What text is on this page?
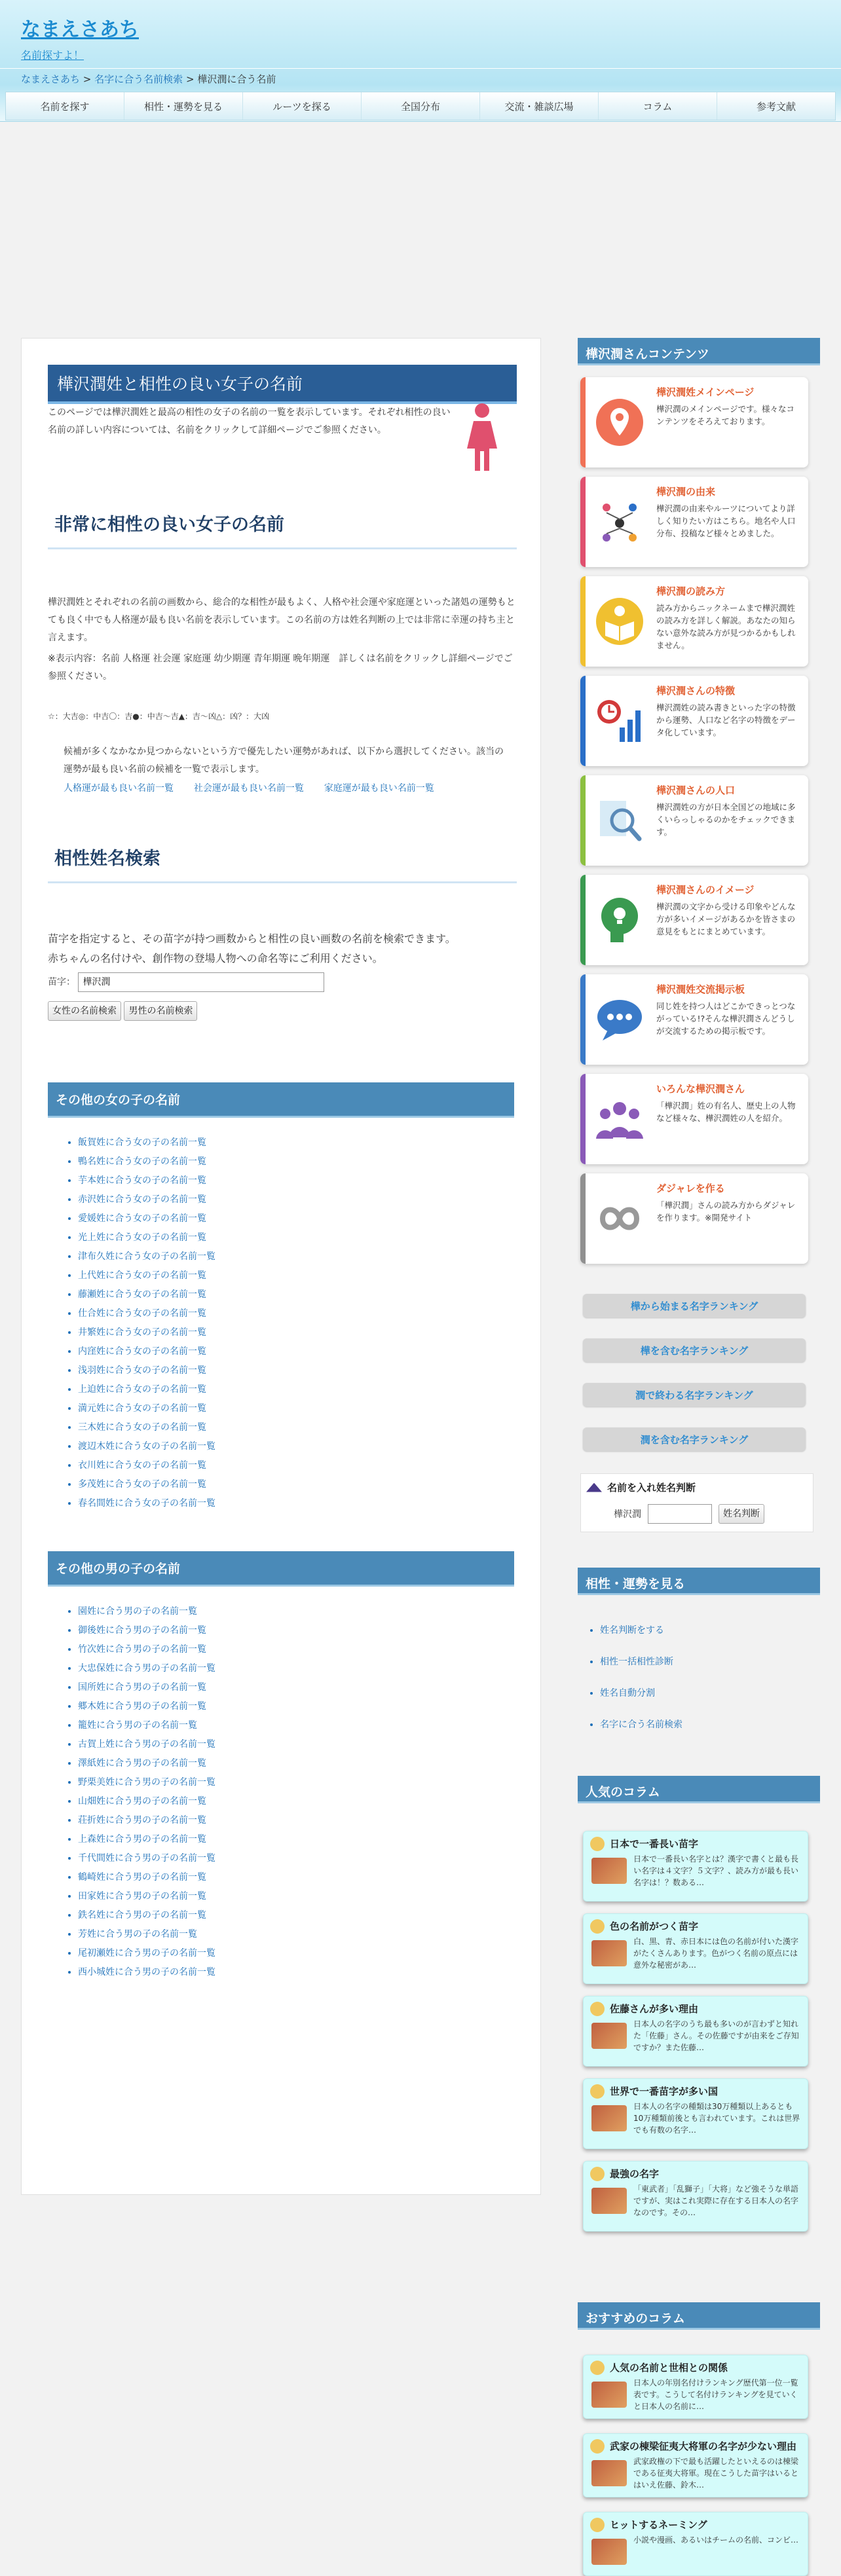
なまえさあち
名前探すよ！
なまえさあち > 名字に合う名前検索 > 樺沢潤に合う名前
名前を探す	相性・運勢を見る	ルーツを探る	全国分布	交流・雑談広場	コラム	参考文献
樺沢潤姓と相性の良い女子の名前
このページでは樺沢潤姓と最高の相性の女子の名前の一覧を表示しています。それぞれ相性の良い名前の詳しい内容については、名前をクリックして詳細ページでご参照ください。
非常に相性の良い女子の名前
樺沢潤姓とそれぞれの名前の画数から、総合的な相性が最もよく、人格や社会運や家庭運といった諸処の運勢もとても良く中でも人格運が最も良い名前を表示しています。この名前の方は姓名判断の上では非常に幸運の持ち主と言えます。
※表示内容：名前 人格運 社会運 家庭運 幼少期運 青年期運 晩年期運　詳しくは名前をクリックし詳細ページでご参照ください。
☆：大吉◎：中吉〇：吉●：中吉〜吉▲：吉〜凶△：凶？：大凶
候補が多くなかなか見つからないという方で優先したい運勢があれば、以下から選択してください。該当の運勢が最も良い名前の候補を一覧で表示します。
人格運が最も良い名前一覧 社会運が最も良い名前一覧 家庭運が最も良い名前一覧
相性姓名検索
苗字を指定すると、その苗字が持つ画数からと相性の良い画数の名前を検索できます。
赤ちゃんの名付けや、創作物の登場人物への命名等にご利用ください。
苗字： 樺沢潤
女性の名前検索 男性の名前検索
その他の女の子の名前
• 飯賀姓に合う女の子の名前一覧
• 鴨名姓に合う女の子の名前一覧
• 芋本姓に合う女の子の名前一覧
• 赤沢姓に合う女の子の名前一覧
• 愛媛姓に合う女の子の名前一覧
• 光上姓に合う女の子の名前一覧
• 津布久姓に合う女の子の名前一覧
• 上代姓に合う女の子の名前一覧
• 藤瀬姓に合う女の子の名前一覧
• 仕合姓に合う女の子の名前一覧
• 井繁姓に合う女の子の名前一覧
• 内窪姓に合う女の子の名前一覧
• 浅羽姓に合う女の子の名前一覧
• 上迫姓に合う女の子の名前一覧
• 満元姓に合う女の子の名前一覧
• 三木姓に合う女の子の名前一覧
• 渡辺木姓に合う女の子の名前一覧
• 衣川姓に合う女の子の名前一覧
• 多茂姓に合う女の子の名前一覧
• 春名間姓に合う女の子の名前一覧
その他の男の子の名前
• 園姓に合う男の子の名前一覧
• 御後姓に合う男の子の名前一覧
• 竹次姓に合う男の子の名前一覧
• 大忠保姓に合う男の子の名前一覧
• 国所姓に合う男の子の名前一覧
• 郷木姓に合う男の子の名前一覧
• 籠姓に合う男の子の名前一覧
• 古賀上姓に合う男の子の名前一覧
• 澤紙姓に合う男の子の名前一覧
• 野栗美姓に合う男の子の名前一覧
• 山畑姓に合う男の子の名前一覧
• 荘折姓に合う男の子の名前一覧
• 上森姓に合う男の子の名前一覧
• 千代間姓に合う男の子の名前一覧
• 鶴崎姓に合う男の子の名前一覧
• 田家姓に合う男の子の名前一覧
• 鉄名姓に合う男の子の名前一覧
• 芳姓に合う男の子の名前一覧
• 尾初瀬姓に合う男の子の名前一覧
• 西小城姓に合う男の子の名前一覧
樺沢潤さんコンテンツ
樺沢潤姓メインページ
樺沢潤のメインページです。様々なコンテンツをそろえております。
樺沢潤の由来
樺沢潤の由来やルーツについてより詳しく知りたい方はこちら。地名や人口分布、投稿など様々とめました。
樺沢潤の読み方
読み方からニックネームまで樺沢潤姓の読み方を詳しく解説。あなたの知らない意外な読み方が見つかるかもしれません。
樺沢潤さんの特徴
樺沢潤姓の読み書きといった字の特徴から運勢、人口など名字の特徴をデータ化しています。
樺沢潤さんの人口
樺沢潤姓の方が日本全国どの地域に多くいらっしゃるのかをチェックできます。
樺沢潤さんのイメージ
樺沢潤の文字から受ける印象やどんな方が多いイメージがあるかを皆さまの意見をもとにまとめています。
樺沢潤姓交流掲示板
同じ姓を持つ人はどこかできっとつながっている!?そんな樺沢潤さんどうしが交流するための掲示板です。
いろんな樺沢潤さん
「樺沢潤」姓の有名人、歴史上の人物など様々な、樺沢潤姓の人を紹介。
ダジャレを作る
「樺沢潤」さんの読み方からダジャレを作ります。※開発サイト
樺から始まる名字ランキング
樺を含む名字ランキング
潤で終わる名字ランキング
潤を含む名字ランキング
名前を入れ姓名判断
樺沢潤	姓名判断
相性・運勢を見る
• 姓名判断をする
• 相性一括相性診断
• 姓名自動分割
• 名字に合う名前検索
人気のコラム
日本で一番長い苗字
日本で一番長い名字とは？漢字で書くと最も長い名字は４文字？５文字？、読み方が最も長い名字は！？数ある…
色の名前がつく苗字
白、黒、青、赤日本には色の名前が付いた漢字がたくさんあります。色がつく名前の原点には意外な秘密があ…
佐藤さんが多い理由
日本人の名字のうち最も多いのが言わずと知れた「佐藤」さん。その佐藤ですが由来をご存知ですか？また佐藤…
世界で一番苗字が多い国
日本人の名字の種類は30万種類以上あるとも10万種類前後とも言われています。これは世界でも有数の名字…
最強の名字
「東武者」「乱獅子」「大将」など強そうな単語ですが、実はこれ実際に存在する日本人の名字なのです。その…
おすすめのコラム
人気の名前と世相との関係
日本人の年別名付けランキング歴代第一位一覧表です。こうして名付けランキングを見ていくと日本人の名前に…
武家の棟梁征夷大将軍の名字が少ない理由
武家政権の下で最も活躍したといえるのは棟梁である征夷大将軍。現在こうした苗字はいるとはいえ佐藤、鈴木…
ヒットするネーミング
小説や漫画、あるいはチームの名前、コンビ…
